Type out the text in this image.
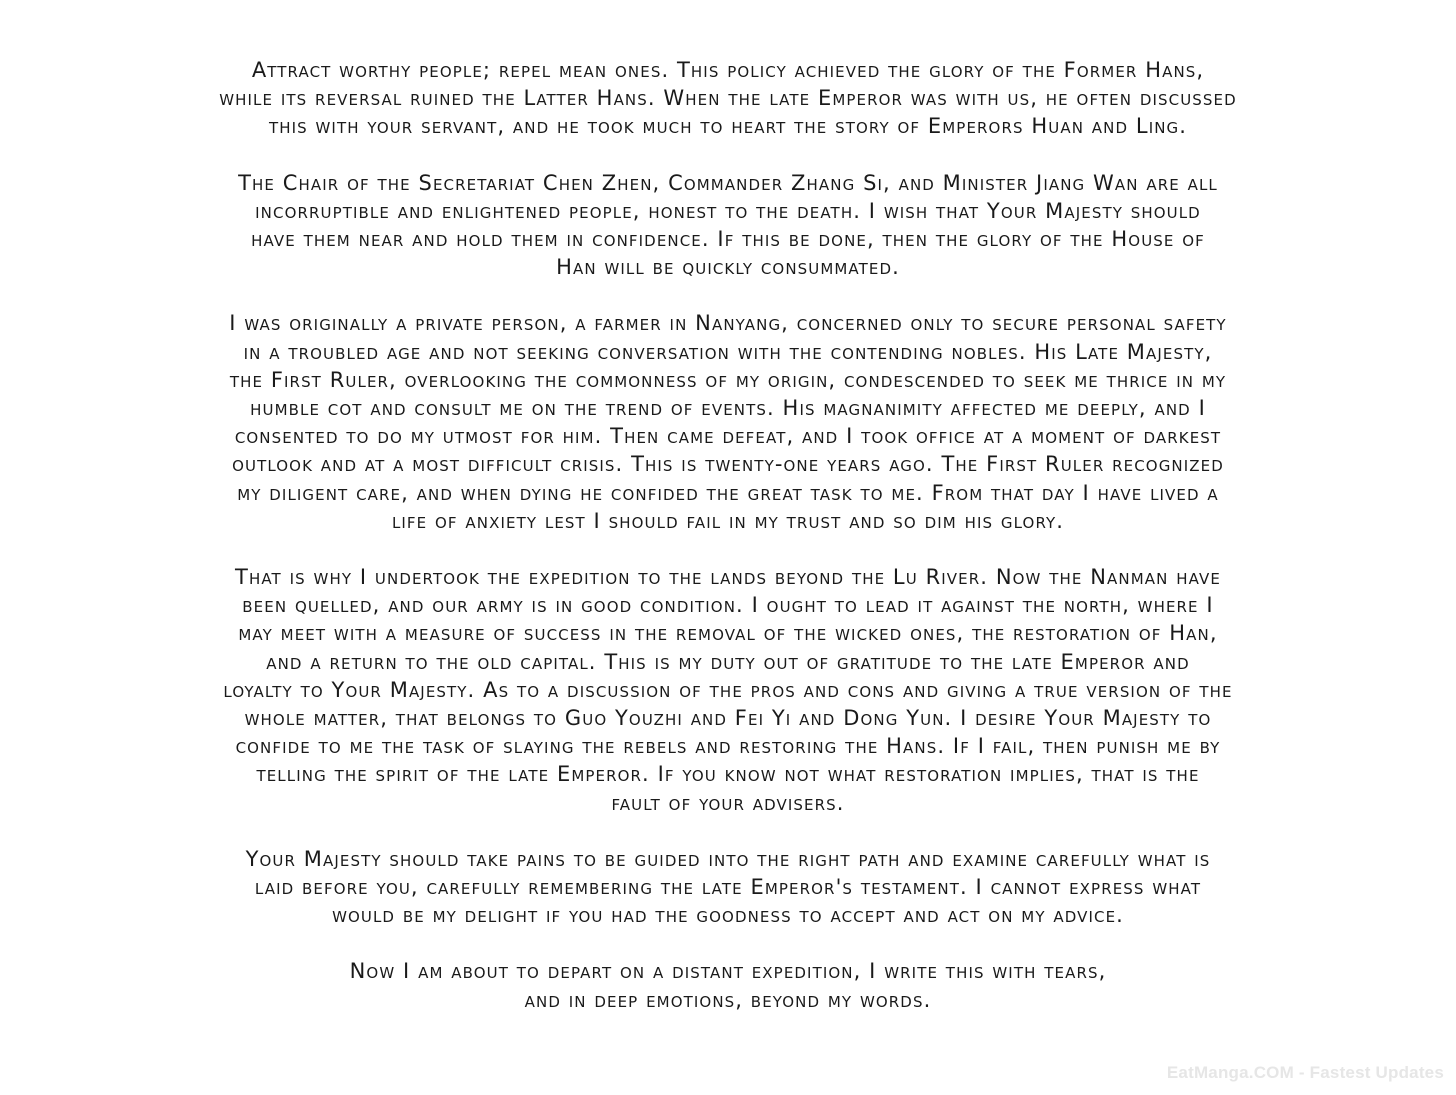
Attract worthy people; repel mean ones. This policy achieved the glory of the Former Hans,
while its reversal ruined the Latter Hans. When the late Emperor was with us, he often discussed
this with your servant, and he took much to heart the story of Emperors Huan and Ling.
The Chair of the Secretariat Chen Zhen, Commander Zhang Si, and Minister Jiang Wan are all
incorruptible and enlightened people, honest to the death. I wish that Your Majesty should
have them near and hold them in confidence. If this be done, then the glory of the House of
Han will be quickly consummated.
I was originally a private person, a farmer in Nanyang, concerned only to secure personal safety
in a troubled age and not seeking conversation with the contending nobles. His Late Majesty,
the First Ruler, overlooking the commonness of my origin, condescended to seek me thrice in my
humble cot and consult me on the trend of events. His magnanimity affected me deeply, and I
consented to do my utmost for him. Then came defeat, and I took office at a moment of darkest
outlook and at a most difficult crisis. This is twenty-one years ago. The First Ruler recognized
my diligent care, and when dying he confided the great task to me. From that day I have lived a
life of anxiety lest I should fail in my trust and so dim his glory.
That is why I undertook the expedition to the lands beyond the Lu River. Now the Nanman have
been quelled, and our army is in good condition. I ought to lead it against the north, where I
may meet with a measure of success in the removal of the wicked ones, the restoration of Han,
and a return to the old capital. This is my duty out of gratitude to the late Emperor and
loyalty to Your Majesty. As to a discussion of the pros and cons and giving a true version of the
whole matter, that belongs to Guo Youzhi and Fei Yi and Dong Yun. I desire Your Majesty to
confide to me the task of slaying the rebels and restoring the Hans. If I fail, then punish me by
telling the spirit of the late Emperor. If you know not what restoration implies, that is the
fault of your advisers.
Your Majesty should take pains to be guided into the right path and examine carefully what is
laid before you, carefully remembering the late Emperor's testament. I cannot express what
would be my delight if you had the goodness to accept and act on my advice.
Now I am about to depart on a distant expedition, I write this with tears,
and in deep emotions, beyond my words.
EatManga.COM - Fastest Updates
